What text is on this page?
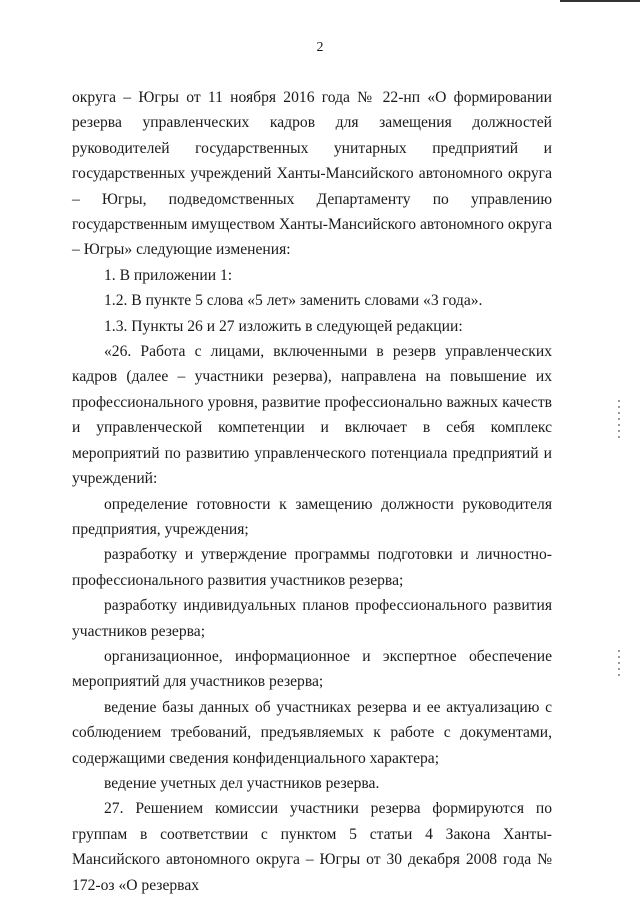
2

округа – Югры от 11 ноября 2016 года № 22-нп «О формировании резерва управленческих кадров для замещения должностей руководителей государственных унитарных предприятий и государственных учреждений Ханты-Мансийского автономного округа – Югры, подведомственных Департаменту по управлению государственным имуществом Ханты-Мансийского автономного округа – Югры» следующие изменения:

1. В приложении 1:

1.2. В пункте 5 слова «5 лет» заменить словами «3 года».

1.3. Пункты 26 и 27 изложить в следующей редакции:

«26. Работа с лицами, включенными в резерв управленческих кадров (далее – участники резерва), направлена на повышение их профессионального уровня, развитие профессионально важных качеств и управленческой компетенции и включает в себя комплекс мероприятий по развитию управленческого потенциала предприятий и учреждений:

определение готовности к замещению должности руководителя предприятия, учреждения;

разработку и утверждение программы подготовки и личностно-профессионального развития участников резерва;

разработку индивидуальных планов профессионального развития участников резерва;

организационное, информационное и экспертное обеспечение мероприятий для участников резерва;

ведение базы данных об участниках резерва и ее актуализацию с соблюдением требований, предъявляемых к работе с документами, содержащими сведения конфиденциального характера;

ведение учетных дел участников резерва.

27. Решением комиссии участники резерва формируются по группам в соответствии с пунктом 5 статьи 4 Закона Ханты-Мансийского автономного округа – Югры от 30 декабря 2008 года № 172-оз «О резервах
